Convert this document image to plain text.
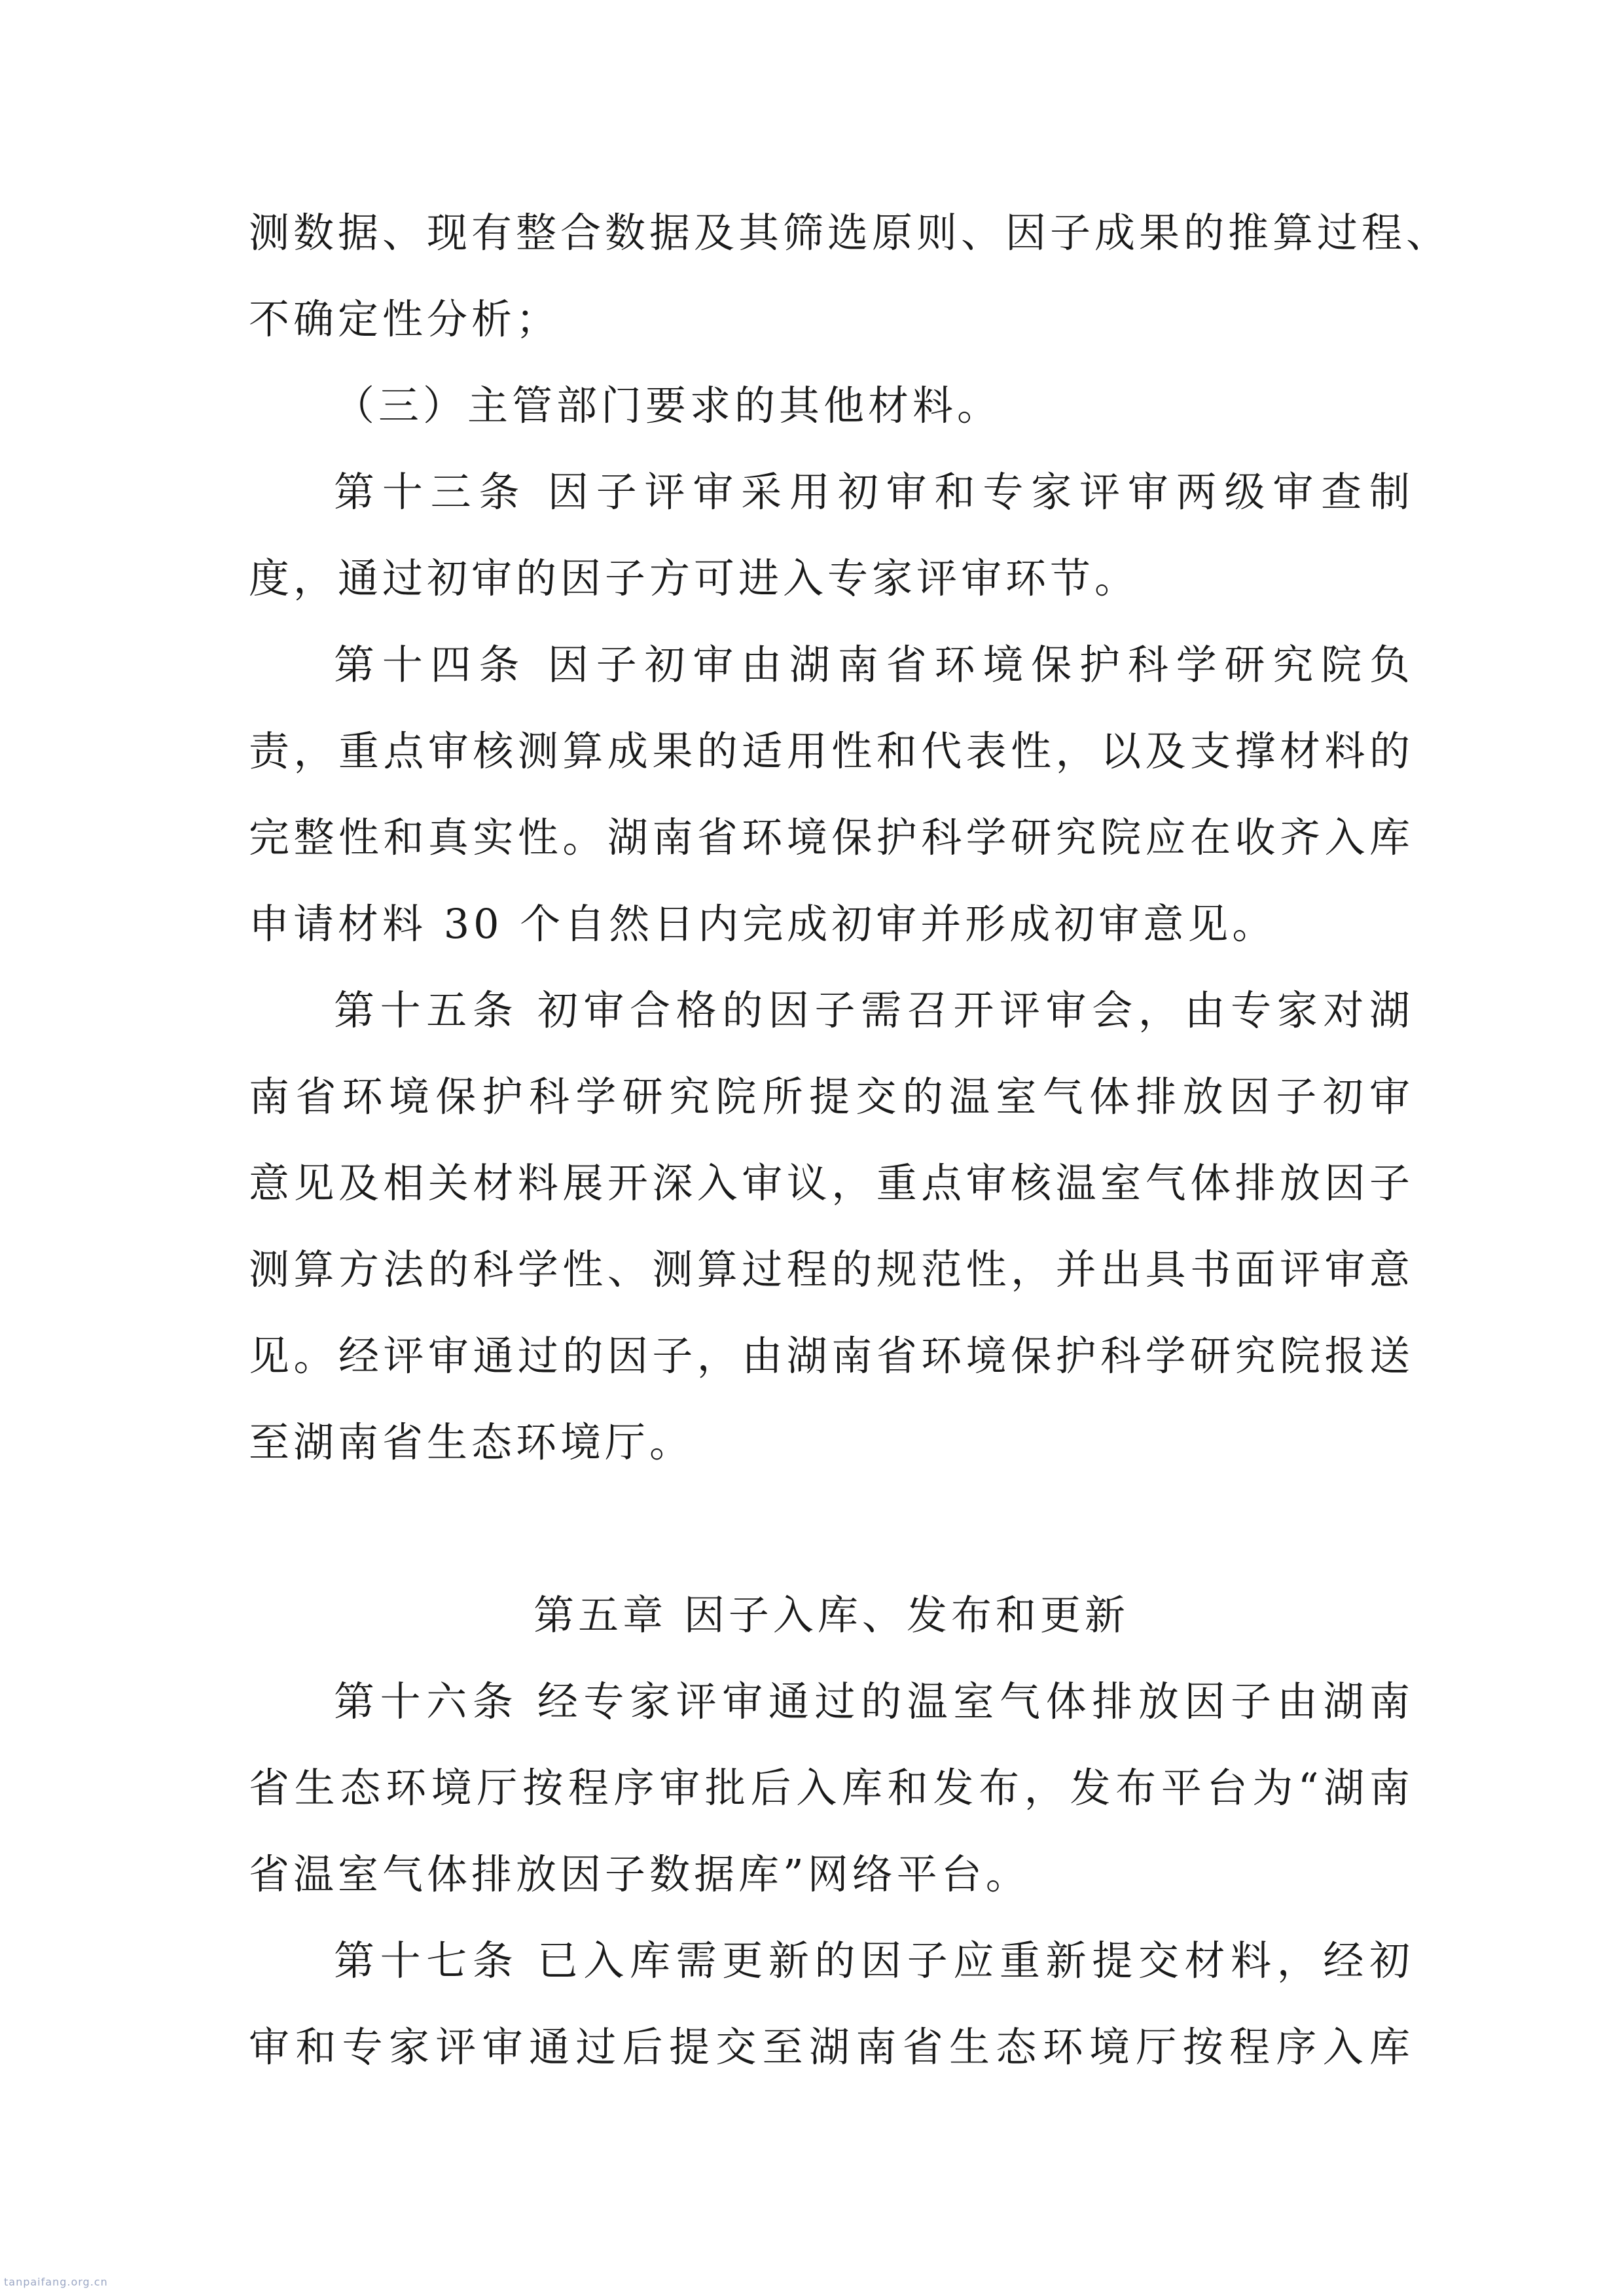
测数据、现有整合数据及其筛选原则、因子成果的推算过程、
不确定性分析；
（三）主管部门要求的其他材料。
第十三条 因子评审采用初审和专家评审两级审查制
度，通过初审的因子方可进入专家评审环节。
第十四条 因子初审由湖南省环境保护科学研究院负
责，重点审核测算成果的适用性和代表性，以及支撑材料的
完整性和真实性。湖南省环境保护科学研究院应在收齐入库
申请材料 30 个自然日内完成初审并形成初审意见。
第十五条 初审合格的因子需召开评审会，由专家对湖
南省环境保护科学研究院所提交的温室气体排放因子初审
意见及相关材料展开深入审议，重点审核温室气体排放因子
测算方法的科学性、测算过程的规范性，并出具书面评审意
见。经评审通过的因子，由湖南省环境保护科学研究院报送
至湖南省生态环境厅。
第五章 因子入库、发布和更新
第十六条 经专家评审通过的温室气体排放因子由湖南
省生态环境厅按程序审批后入库和发布，发布平台为“湖南
省温室气体排放因子数据库”网络平台。
第十七条 已入库需更新的因子应重新提交材料，经初
审和专家评审通过后提交至湖南省生态环境厅按程序入库
tanpaifang.org.cn
